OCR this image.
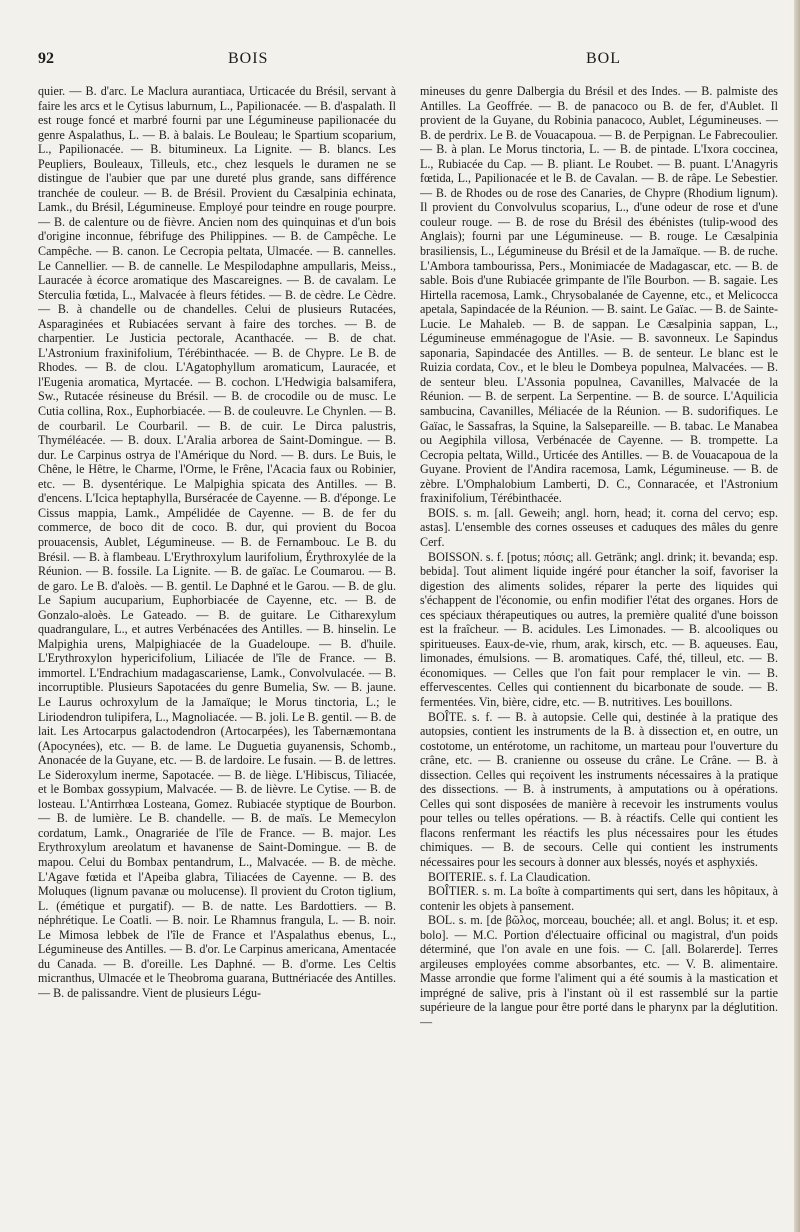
92	BOIS	BOL

quier. — B. d'arc. Le Maclura aurantiaca, Urticacée du Brésil, servant à faire les arcs et le Cytisus laburnum, L., Papilionacée. — B. d'aspalath. Il est rouge foncé et marbré fourni par une Légumineuse papilionacée du genre Aspalathus, L. — B. à balais. Le Bouleau; le Spartium scoparium, L., Papilionacée. — B. bitumineux. La Lignite. — B. blancs. Les Peupliers, Bouleaux, Tilleuls, etc., chez lesquels le duramen ne se distingue de l'aubier que par une dureté plus grande, sans différence tranchée de couleur. — B. de Brésil. Provient du Cæsalpinia echinata, Lamk., du Brésil, Légumineuse. Employé pour teindre en rouge pourpre. — B. de calenture ou de fièvre. Ancien nom des quinquinas et d'un bois d'origine inconnue, fébrifuge des Philippines. — B. de Campêche. Le Campêche. — B. canon. Le Cecropia peltata, Ulmacée. — B. cannelles. Le Cannellier. — B. de cannelle. Le Mespilodaphne ampullaris, Meiss., Lauracée à écorce aromatique des Mascareignes. — B. de cavalam. Le Sterculia fœtida, L., Malvacée à fleurs fétides. — B. de cèdre. Le Cèdre. — B. à chandelle ou de chandelles. Celui de plusieurs Rutacées, Asparaginées et Rubiacées servant à faire des torches. — B. de charpentier. Le Justicia pectorale, Acanthacée. — B. de chat. L'Astronium fraxinifolium, Térébinthacée. — B. de Chypre. Le B. de Rhodes. — B. de clou. L'Agatophyllum aromaticum, Lauracée, et l'Eugenia aromatica, Myrtacée. — B. cochon. L'Hedwigia balsamifera, Sw., Rutacée résineuse du Brésil. — B. de crocodile ou de musc. Le Cutia collina, Rox., Euphorbiacée. — B. de couleuvre. Le Chynlen. — B. de courbaril. Le Courbaril. — B. de cuir. Le Dirca palustris, Thyméléacée. — B. doux. L'Aralia arborea de Saint-Domingue. — B. dur. Le Carpinus ostrya de l'Amérique du Nord. — B. durs. Le Buis, le Chêne, le Hêtre, le Charme, l'Orme, le Frêne, l'Acacia faux ou Robinier, etc. — B. dysentérique. Le Malpighia spicata des Antilles. — B. d'encens. L'Icica heptaphylla, Burséracée de Cayenne. — B. d'éponge. Le Cissus mappia, Lamk., Ampélidée de Cayenne. — B. de fer du commerce, de boco dit de coco. B. dur, qui provient du Bocoa prouacensis, Aublet, Légumineuse. — B. de Fernambouc. Le B. du Brésil. — B. à flambeau. L'Erythroxylum laurifolium, Érythroxylée de la Réunion. — B. fossile. La Lignite. — B. de gaïac. Le Coumarou. — B. de garo. Le B. d'aloès. — B. gentil. Le Daphné et le Garou. — B. de glu. Le Sapium aucuparium, Euphorbiacée de Cayenne, etc. — B. de Gonzalo-aloès. Le Gateado. — B. de guitare. Le Citharexylum quadrangulare, L., et autres Verbénacées des Antilles. — B. hinselin. Le Malpighia urens, Malpighiacée de la Guadeloupe. — B. d'huile. L'Erythroxylon hypericifolium, Liliacée de l'île de France. — B. immortel. L'Endrachium madagascariense, Lamk., Convolvulacée. — B. incorruptible. Plusieurs Sapotacées du genre Bumelia, Sw. — B. jaune. Le Laurus ochroxylum de la Jamaïque; le Morus tinctoria, L.; le Liriodendron tulipifera, L., Magnoliacée. — B. joli. Le B. gentil. — B. de lait. Les Artocarpus galactodendron (Artocarpées), les Tabernæmontana (Apocynées), etc. — B. de lame. Le Duguetia guyanensis, Schomb., Anonacée de la Guyane, etc. — B. de lardoire. Le fusain. — B. de lettres. Le Sideroxylum inerme, Sapotacée. — B. de liège. L'Hibiscus, Tiliacée, et le Bombax gossypium, Malvacée. — B. de lièvre. Le Cytise. — B. de losteau. L'Antirrhœa Losteana, Gomez. Rubiacée styptique de Bourbon. — B. de lumière. Le B. chandelle. — B. de maïs. Le Memecylon cordatum, Lamk., Onagrariée de l'île de France. — B. major. Les Erythroxylum areolatum et havanense de Saint-Domingue. — B. de mapou. Celui du Bombax pentandrum, L., Malvacée. — B. de mèche. L'Agave fœtida et l'Apeiba glabra, Tiliacées de Cayenne. — B. des Moluques (lignum pavanæ ou molucense). Il provient du Croton tiglium, L. (émétique et purgatif). — B. de natte. Les Bardottiers. — B. néphrétique. Le Coatli. — B. noir. Le Rhamnus frangula, L. — B. noir. Le Mimosa lebbek de l'île de France et l'Aspalathus ebenus, L., Légumineuse des Antilles. — B. d'or. Le Carpinus americana, Amentacée du Canada. — B. d'oreille. Les Daphné. — B. d'orme. Les Celtis micranthus, Ulmacée et le Theobroma guarana, Buttnériacée des Antilles. — B. de palissandre. Vient de plusieurs Légu-

mineuses du genre Dalbergia du Brésil et des Indes. — B. palmiste des Antilles. La Geoffrée. — B. de panacoco ou B. de fer, d'Aublet. Il provient de la Guyane, du Robinia panacoco, Aublet, Légumineuses. — B. de perdrix. Le B. de Vouacapoua. — B. de Perpignan. Le Fabrecoulier. — B. à plan. Le Morus tinctoria, L. — B. de pintade. L'Ixora coccinea, L., Rubiacée du Cap. — B. pliant. Le Roubet. — B. puant. L'Anagyris fœtida, L., Papilionacée et le B. de Cavalan. — B. de râpe. Le Sebestier. — B. de Rhodes ou de rose des Canaries, de Chypre (Rhodium lignum). Il provient du Convolvulus scoparius, L., d'une odeur de rose et d'une couleur rouge. — B. de rose du Brésil des ébénistes (tulip-wood des Anglais); fourni par une Légumineuse. — B. rouge. Le Cæsalpinia brasiliensis, L., Légumineuse du Brésil et de la Jamaïque. — B. de ruche. L'Ambora tambourissa, Pers., Monimiacée de Madagascar, etc. — B. de sable. Bois d'une Rubiacée grimpante de l'île Bourbon. — B. sagaie. Les Hirtella racemosa, Lamk., Chrysobalanée de Cayenne, etc., et Melicocca apetala, Sapindacée de la Réunion. — B. saint. Le Gaïac. — B. de Sainte-Lucie. Le Mahaleb. — B. de sappan. Le Cæsalpinia sappan, L., Légumineuse emménagogue de l'Asie. — B. savonneux. Le Sapindus saponaria, Sapindacée des Antilles. — B. de senteur. Le blanc est le Ruizia cordata, Cov., et le bleu le Dombeya populnea, Malvacées. — B. de senteur bleu. L'Assonia populnea, Cavanilles, Malvacée de la Réunion. — B. de serpent. La Serpentine. — B. de source. L'Aquilicia sambucina, Cavanilles, Méliacée de la Réunion. — B. sudorifiques. Le Gaïac, le Sassafras, la Squine, la Salsepareille. — B. tabac. Le Manabea ou Aegiphila villosa, Verbénacée de Cayenne. — B. trompette. La Cecropia peltata, Willd., Urticée des Antilles. — B. de Vouacapoua de la Guyane. Provient de l'Andira racemosa, Lamk, Légumineuse. — B. de zèbre. L'Omphalobium Lamberti, D. C., Connaracée, et l'Astronium fraxinifolium, Térébinthacée.

BOIS. s. m. [all. Geweih; angl. horn, head; it. corna del cervo; esp. astas]. L'ensemble des cornes osseuses et caduques des mâles du genre Cerf.

BOISSON. s. f. [potus; πόσις; all. Getränk; angl. drink; it. bevanda; esp. bebida]. Tout aliment liquide ingéré pour étancher la soif, favoriser la digestion des aliments solides, réparer la perte des liquides qui s'échappent de l'économie, ou enfin modifier l'état des organes. Hors de ces spéciaux thérapeutiques ou autres, la première qualité d'une boisson est la fraîcheur. — B. acidules. Les Limonades. — B. alcooliques ou spiritueuses. Eaux-de-vie, rhum, arak, kirsch, etc. — B. aqueuses. Eau, limonades, émulsions. — B. aromatiques. Café, thé, tilleul, etc. — B. économiques. — Celles que l'on fait pour remplacer le vin. — B. effervescentes. Celles qui contiennent du bicarbonate de soude. — B. fermentées. Vin, bière, cidre, etc. — B. nutritives. Les bouillons.

BOÎTE. s. f. — B. à autopsie. Celle qui, destinée à la pratique des autopsies, contient les instruments de la B. à dissection et, en outre, un costotome, un entérotome, un rachitome, un marteau pour l'ouverture du crâne, etc. — B. cranienne ou osseuse du crâne. Le Crâne. — B. à dissection. Celles qui reçoivent les instruments nécessaires à la pratique des dissections. — B. à instruments, à amputations ou à opérations. Celles qui sont disposées de manière à recevoir les instruments voulus pour telles ou telles opérations. — B. à réactifs. Celle qui contient les flacons renfermant les réactifs les plus nécessaires pour les études chimiques. — B. de secours. Celle qui contient les instruments nécessaires pour les secours à donner aux blessés, noyés et asphyxiés.

BOITERIE. s. f. La Claudication.

BOÎTIER. s. m. La boîte à compartiments qui sert, dans les hôpitaux, à contenir les objets à pansement.

BOL. s. m. [de βῶλος, morceau, bouchée; all. et angl. Bolus; it. et esp. bolo]. — M.C. Portion d'électuaire officinal ou magistral, d'un poids déterminé, que l'on avale en une fois. — C. [all. Bolarerde]. Terres argileuses employées comme absorbantes, etc. — V. B. alimentaire. Masse arrondie que forme l'aliment qui a été soumis à la mastication et imprégné de salive, pris à l'instant où il est rassemblé sur la partie supérieure de la langue pour être porté dans le pharynx par la déglutition. —
